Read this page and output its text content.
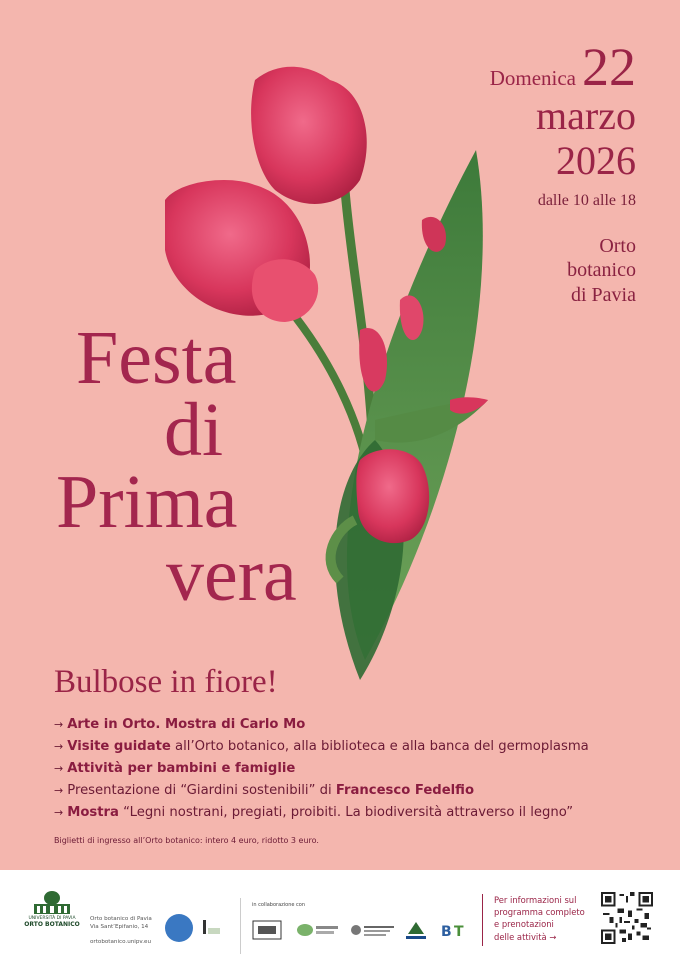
Domenica 22
marzo
2026
dalle 10 alle 18
Orto
botanico
di Pavia
Festa
di
Prima
vera
Bulbose in fiore!
→ Arte in Orto. Mostra di Carlo Mo
→ Visite guidate all’Orto botanico, alla biblioteca e alla banca del germoplasma
→ Attività per bambini e famiglie
→ Presentazione di “Giardini sostenibili” di Francesco Fedelfio
→ Mostra “Legni nostrani, pregiati, proibiti. La biodiversità attraverso il legno”
Biglietti di ingresso all’Orto botanico: intero 4 euro, ridotto 3 euro.
UNIVERSITÀ DI PAVIA
ORTO BOTANICO
Orto botanico di Pavia
Via Sant’Epifanio, 14
ortobotanico.unipv.eu
in collaborazione con
B T
Per informazioni sul
programma completo
e prenotazioni
delle attività →
